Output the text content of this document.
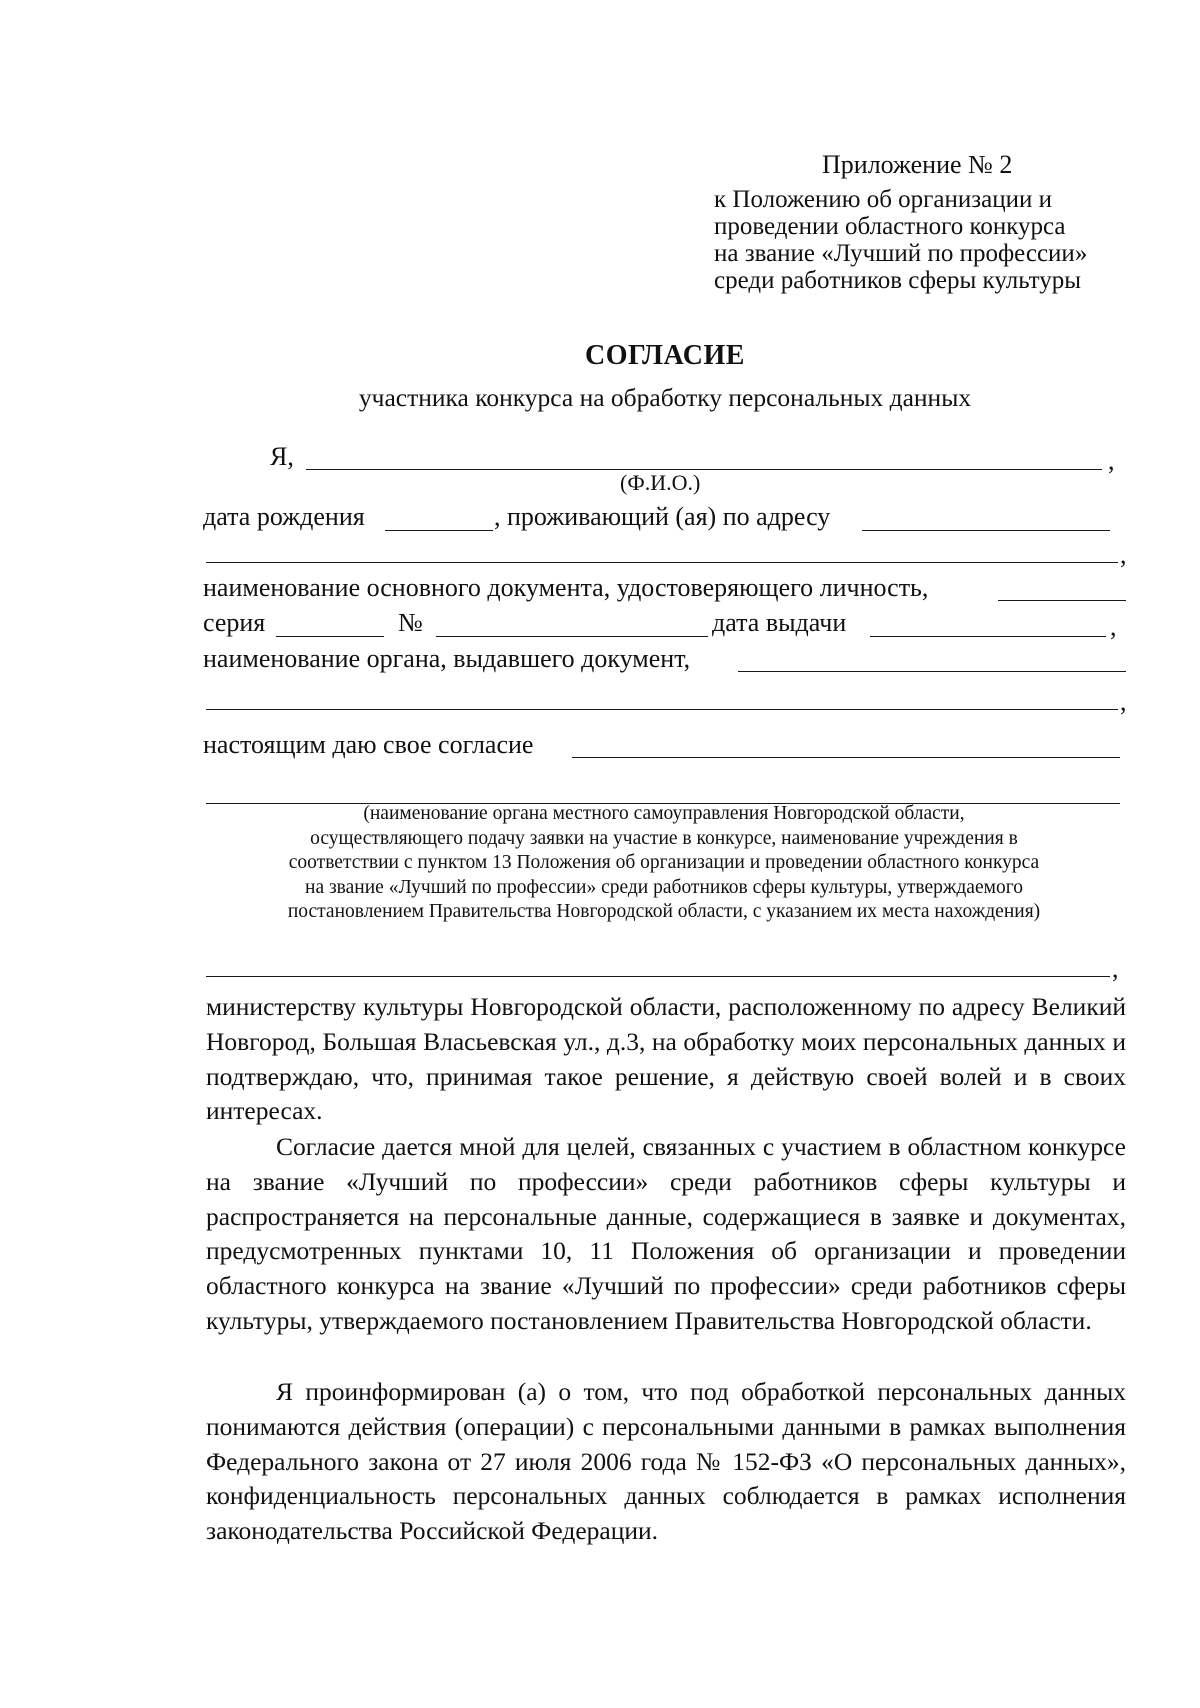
Приложение № 2
к Положению об организации и
проведении областного конкурса
на звание «Лучший по профессии»
среди работников сферы культуры
СОГЛАСИЕ
участника конкурса на обработку персональных данных
Я,	,
(Ф.И.О.)
дата рождения	, проживающий (ая) по адресу
,
наименование основного документа, удостоверяющего личность,
серия	№	дата выдачи	,
наименование органа, выдавшего документ,
,
настоящим даю свое согласие
(наименование органа местного самоуправления Новгородской области,
осуществляющего подачу заявки на участие в конкурсе, наименование учреждения в
соответствии с пунктом 13 Положения об организации и проведении областного конкурса
на звание «Лучший по профессии» среди работников сферы культуры, утверждаемого
постановлением Правительства Новгородской области, с указанием их места нахождения)
,
министерству культуры Новгородской области, расположенному по адресу Великий Новгород, Большая Власьевская ул., д.3, на обработку моих персональных данных и подтверждаю, что, принимая такое решение, я действую своей волей и в своих интересах.
Согласие дается мной для целей, связанных с участием в областном конкурсе на звание «Лучший по профессии» среди работников сферы культуры и распространяется на персональные данные, содержащиеся в заявке и документах, предусмотренных пунктами 10, 11 Положения об организации и проведении областного конкурса на звание «Лучший по профессии» среди работников сферы культуры, утверждаемого постановлением Правительства Новгородской области.
Я проинформирован (а) о том, что под обработкой персональных данных понимаются действия (операции) с персональными данными в рамках выполнения Федерального закона от 27 июля 2006 года № 152-ФЗ «О персональных данных», конфиденциальность персональных данных соблюдается в рамках исполнения законодательства Российской Федерации.
